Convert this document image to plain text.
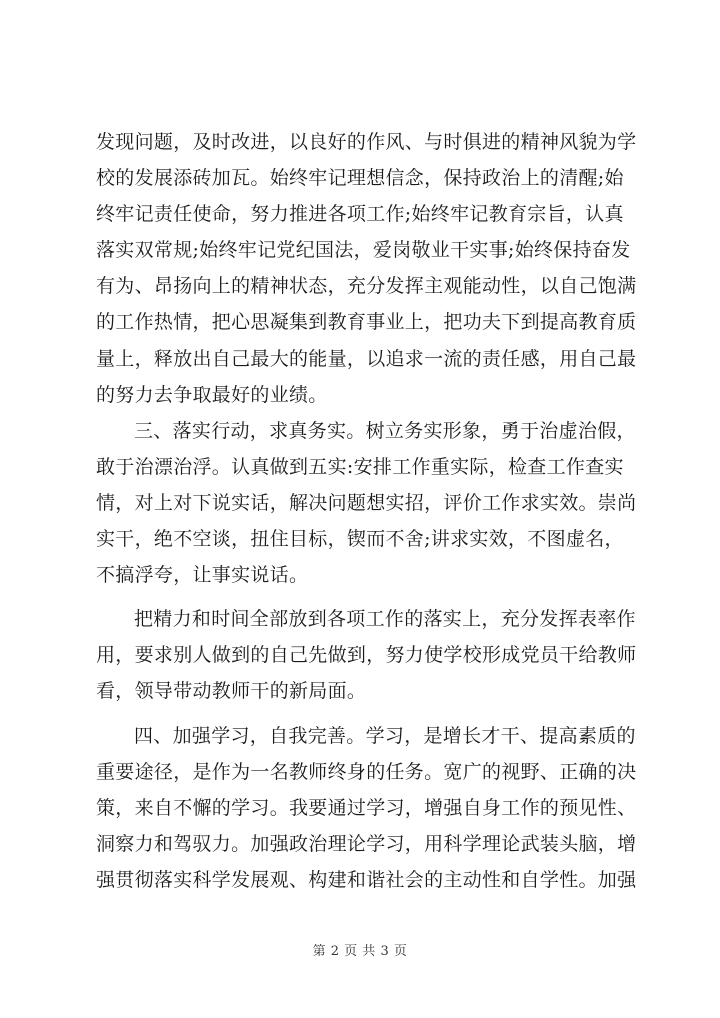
发现问题，及时改进，以良好的作风、与时俱进的精神风貌为学
校的发展添砖加瓦。始终牢记理想信念，保持政治上的清醒;始
终牢记责任使命，努力推进各项工作;始终牢记教育宗旨，认真
落实双常规;始终牢记党纪国法，爱岗敬业干实事;始终保持奋发
有为、昂扬向上的精神状态，充分发挥主观能动性，以自己饱满
的工作热情，把心思凝集到教育事业上，把功夫下到提高教育质
量上，释放出自己最大的能量，以追求一流的责任感，用自己最
的努力去争取最好的业绩。
三、落实行动，求真务实。树立务实形象，勇于治虚治假，
敢于治漂治浮。认真做到五实:安排工作重实际，检查工作查实
情，对上对下说实话，解决问题想实招，评价工作求实效。崇尚
实干，绝不空谈，扭住目标，锲而不舍;讲求实效，不图虚名，
不搞浮夸，让事实说话。
把精力和时间全部放到各项工作的落实上，充分发挥表率作
用，要求别人做到的自己先做到，努力使学校形成党员干给教师
看，领导带动教师干的新局面。
四、加强学习，自我完善。学习，是增长才干、提高素质的
重要途径，是作为一名教师终身的任务。宽广的视野、正确的决
策，来自不懈的学习。我要通过学习，增强自身工作的预见性、
洞察力和驾驭力。加强政治理论学习，用科学理论武装头脑，增
强贯彻落实科学发展观、构建和谐社会的主动性和自学性。加强
第 2 页 共 3 页
